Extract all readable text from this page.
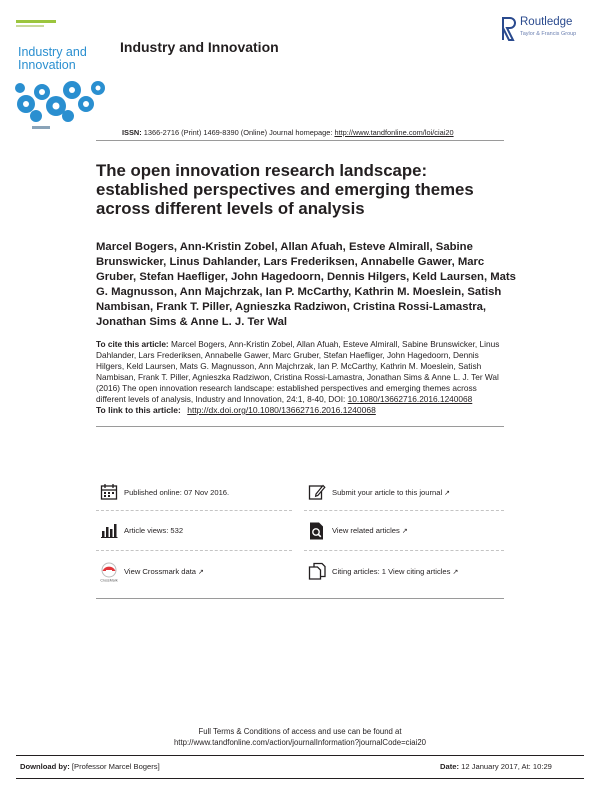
Industry and
Innovation
Industry and Innovation
Routledge
Taylor & Francis Group
ISSN: 1366-2716 (Print) 1469-8390 (Online) Journal homepage: http://www.tandfonline.com/loi/ciai20
The open innovation research landscape: established perspectives and emerging themes across different levels of analysis
Marcel Bogers, Ann-Kristin Zobel, Allan Afuah, Esteve Almirall, Sabine Brunswicker, Linus Dahlander, Lars Frederiksen, Annabelle Gawer, Marc Gruber, Stefan Haefliger, John Hagedoorn, Dennis Hilgers, Keld Laursen, Mats G. Magnusson, Ann Majchrzak, Ian P. McCarthy, Kathrin M. Moeslein, Satish Nambisan, Frank T. Piller, Agnieszka Radziwon, Cristina Rossi-Lamastra, Jonathan Sims & Anne L. J. Ter Wal
To cite this article: Marcel Bogers, Ann-Kristin Zobel, Allan Afuah, Esteve Almirall, Sabine Brunswicker, Linus Dahlander, Lars Frederiksen, Annabelle Gawer, Marc Gruber, Stefan Haefliger, John Hagedoorn, Dennis Hilgers, Keld Laursen, Mats G. Magnusson, Ann Majchrzak, Ian P. McCarthy, Kathrin M. Moeslein, Satish Nambisan, Frank T. Piller, Agnieszka Radziwon, Cristina Rossi-Lamastra, Jonathan Sims & Anne L. J. Ter Wal (2016) The open innovation research landscape: established perspectives and emerging themes across different levels of analysis, Industry and Innovation, 24:1, 8-40, DOI: 10.1080/13662716.2016.1240068
To link to this article: http://dx.doi.org/10.1080/13662716.2016.1240068
Published online: 07 Nov 2016.	Submit your article to this journal ↗
Article views: 532	View related articles ↗
CrossMark
View Crossmark data ↗	Citing articles: 1 View citing articles ↗
Full Terms & Conditions of access and use can be found at
http://www.tandfonline.com/action/journalInformation?journalCode=ciai20
Download by: [Professor Marcel Bogers]	Date: 12 January 2017, At: 10:29
